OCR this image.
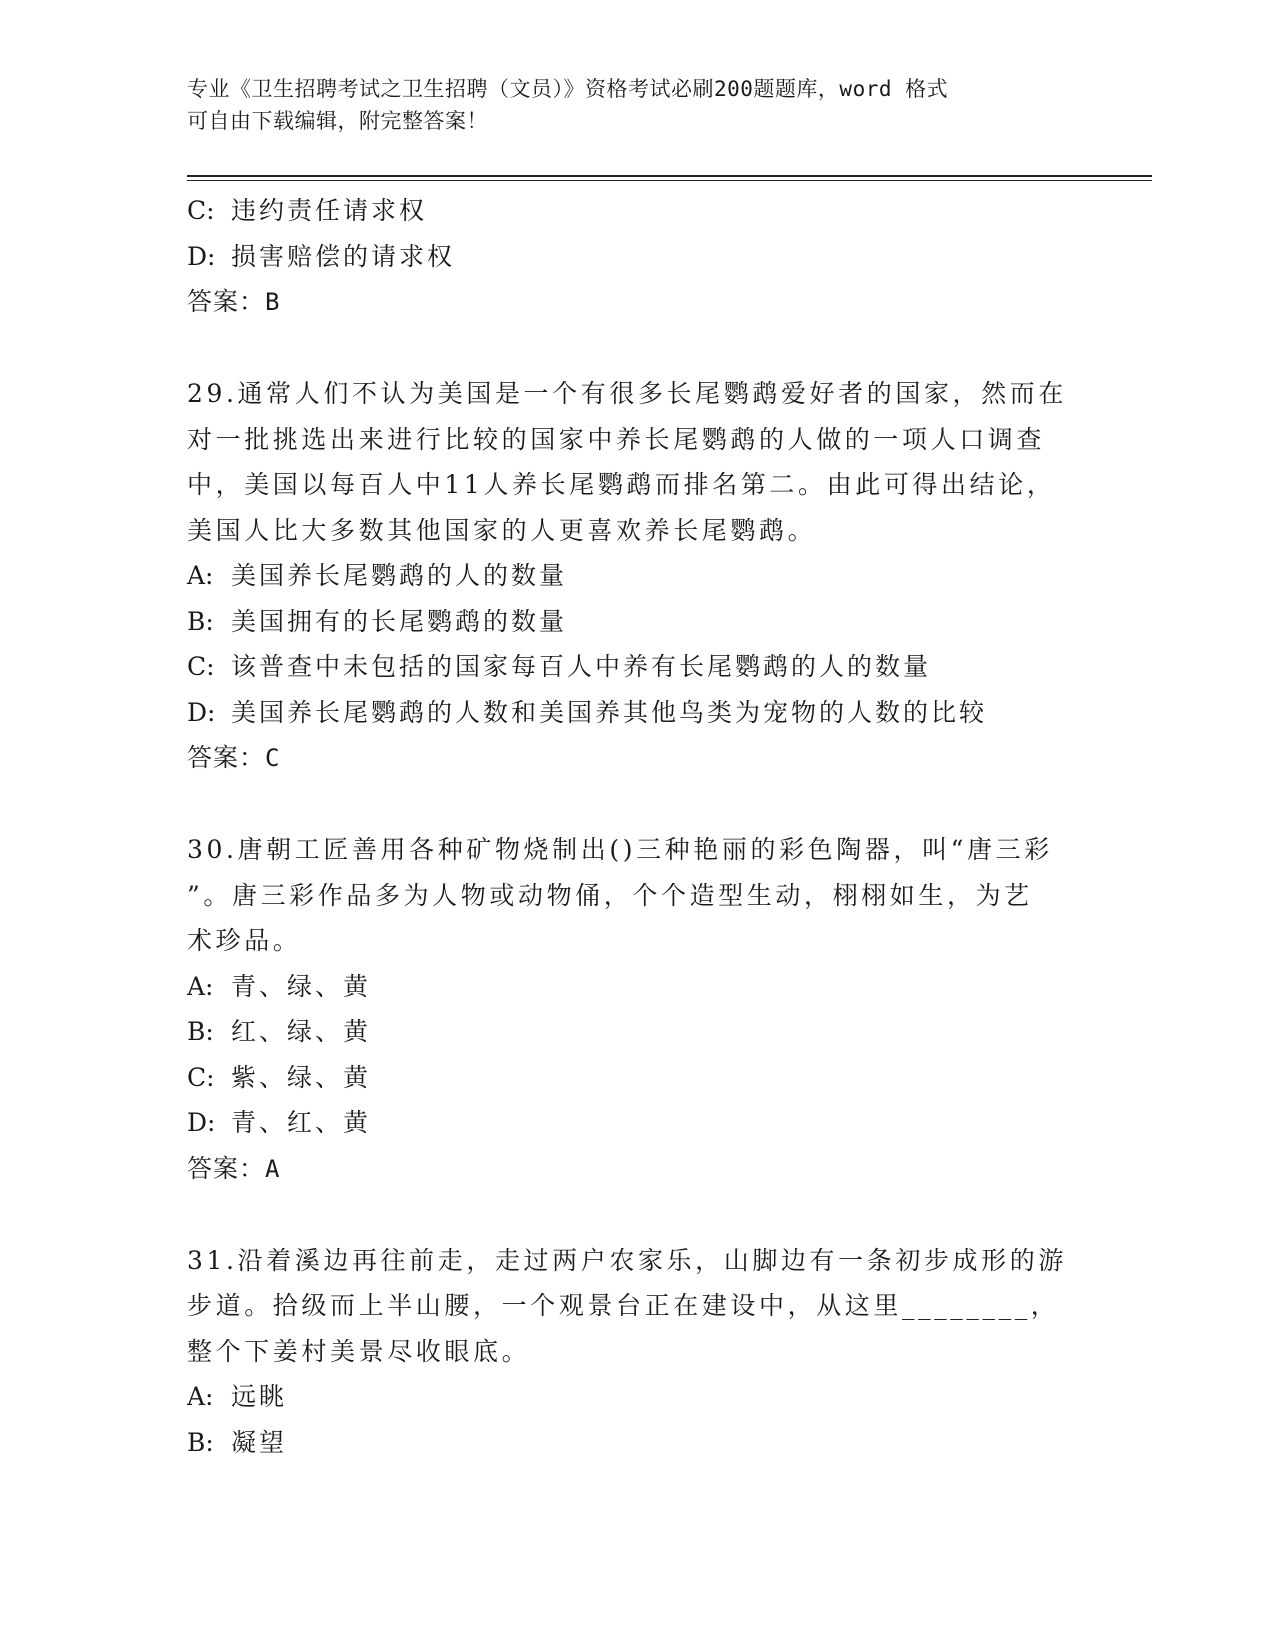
专业《卫生招聘考试之卫生招聘（文员）》资格考试必刷200题题库，word 格式
可自由下载编辑，附完整答案！
C: 违约责任请求权
D: 损害赔偿的请求权
答案：B
29.通常人们不认为美国是一个有很多长尾鹦鹉爱好者的国家，然而在
对一批挑选出来进行比较的国家中养长尾鹦鹉的人做的一项人口调查
中，美国以每百人中11人养长尾鹦鹉而排名第二。由此可得出结论，
美国人比大多数其他国家的人更喜欢养长尾鹦鹉。
A: 美国养长尾鹦鹉的人的数量
B: 美国拥有的长尾鹦鹉的数量
C: 该普查中未包括的国家每百人中养有长尾鹦鹉的人的数量
D: 美国养长尾鹦鹉的人数和美国养其他鸟类为宠物的人数的比较
答案：C
30.唐朝工匠善用各种矿物烧制出()三种艳丽的彩色陶器，叫“唐三彩
”。唐三彩作品多为人物或动物俑，个个造型生动，栩栩如生，为艺
术珍品。
A: 青、绿、黄
B: 红、绿、黄
C: 紫、绿、黄
D: 青、红、黄
答案：A
31.沿着溪边再往前走，走过两户农家乐，山脚边有一条初步成形的游
步道。拾级而上半山腰，一个观景台正在建设中，从这里________，
整个下姜村美景尽收眼底。
A: 远眺
B: 凝望
